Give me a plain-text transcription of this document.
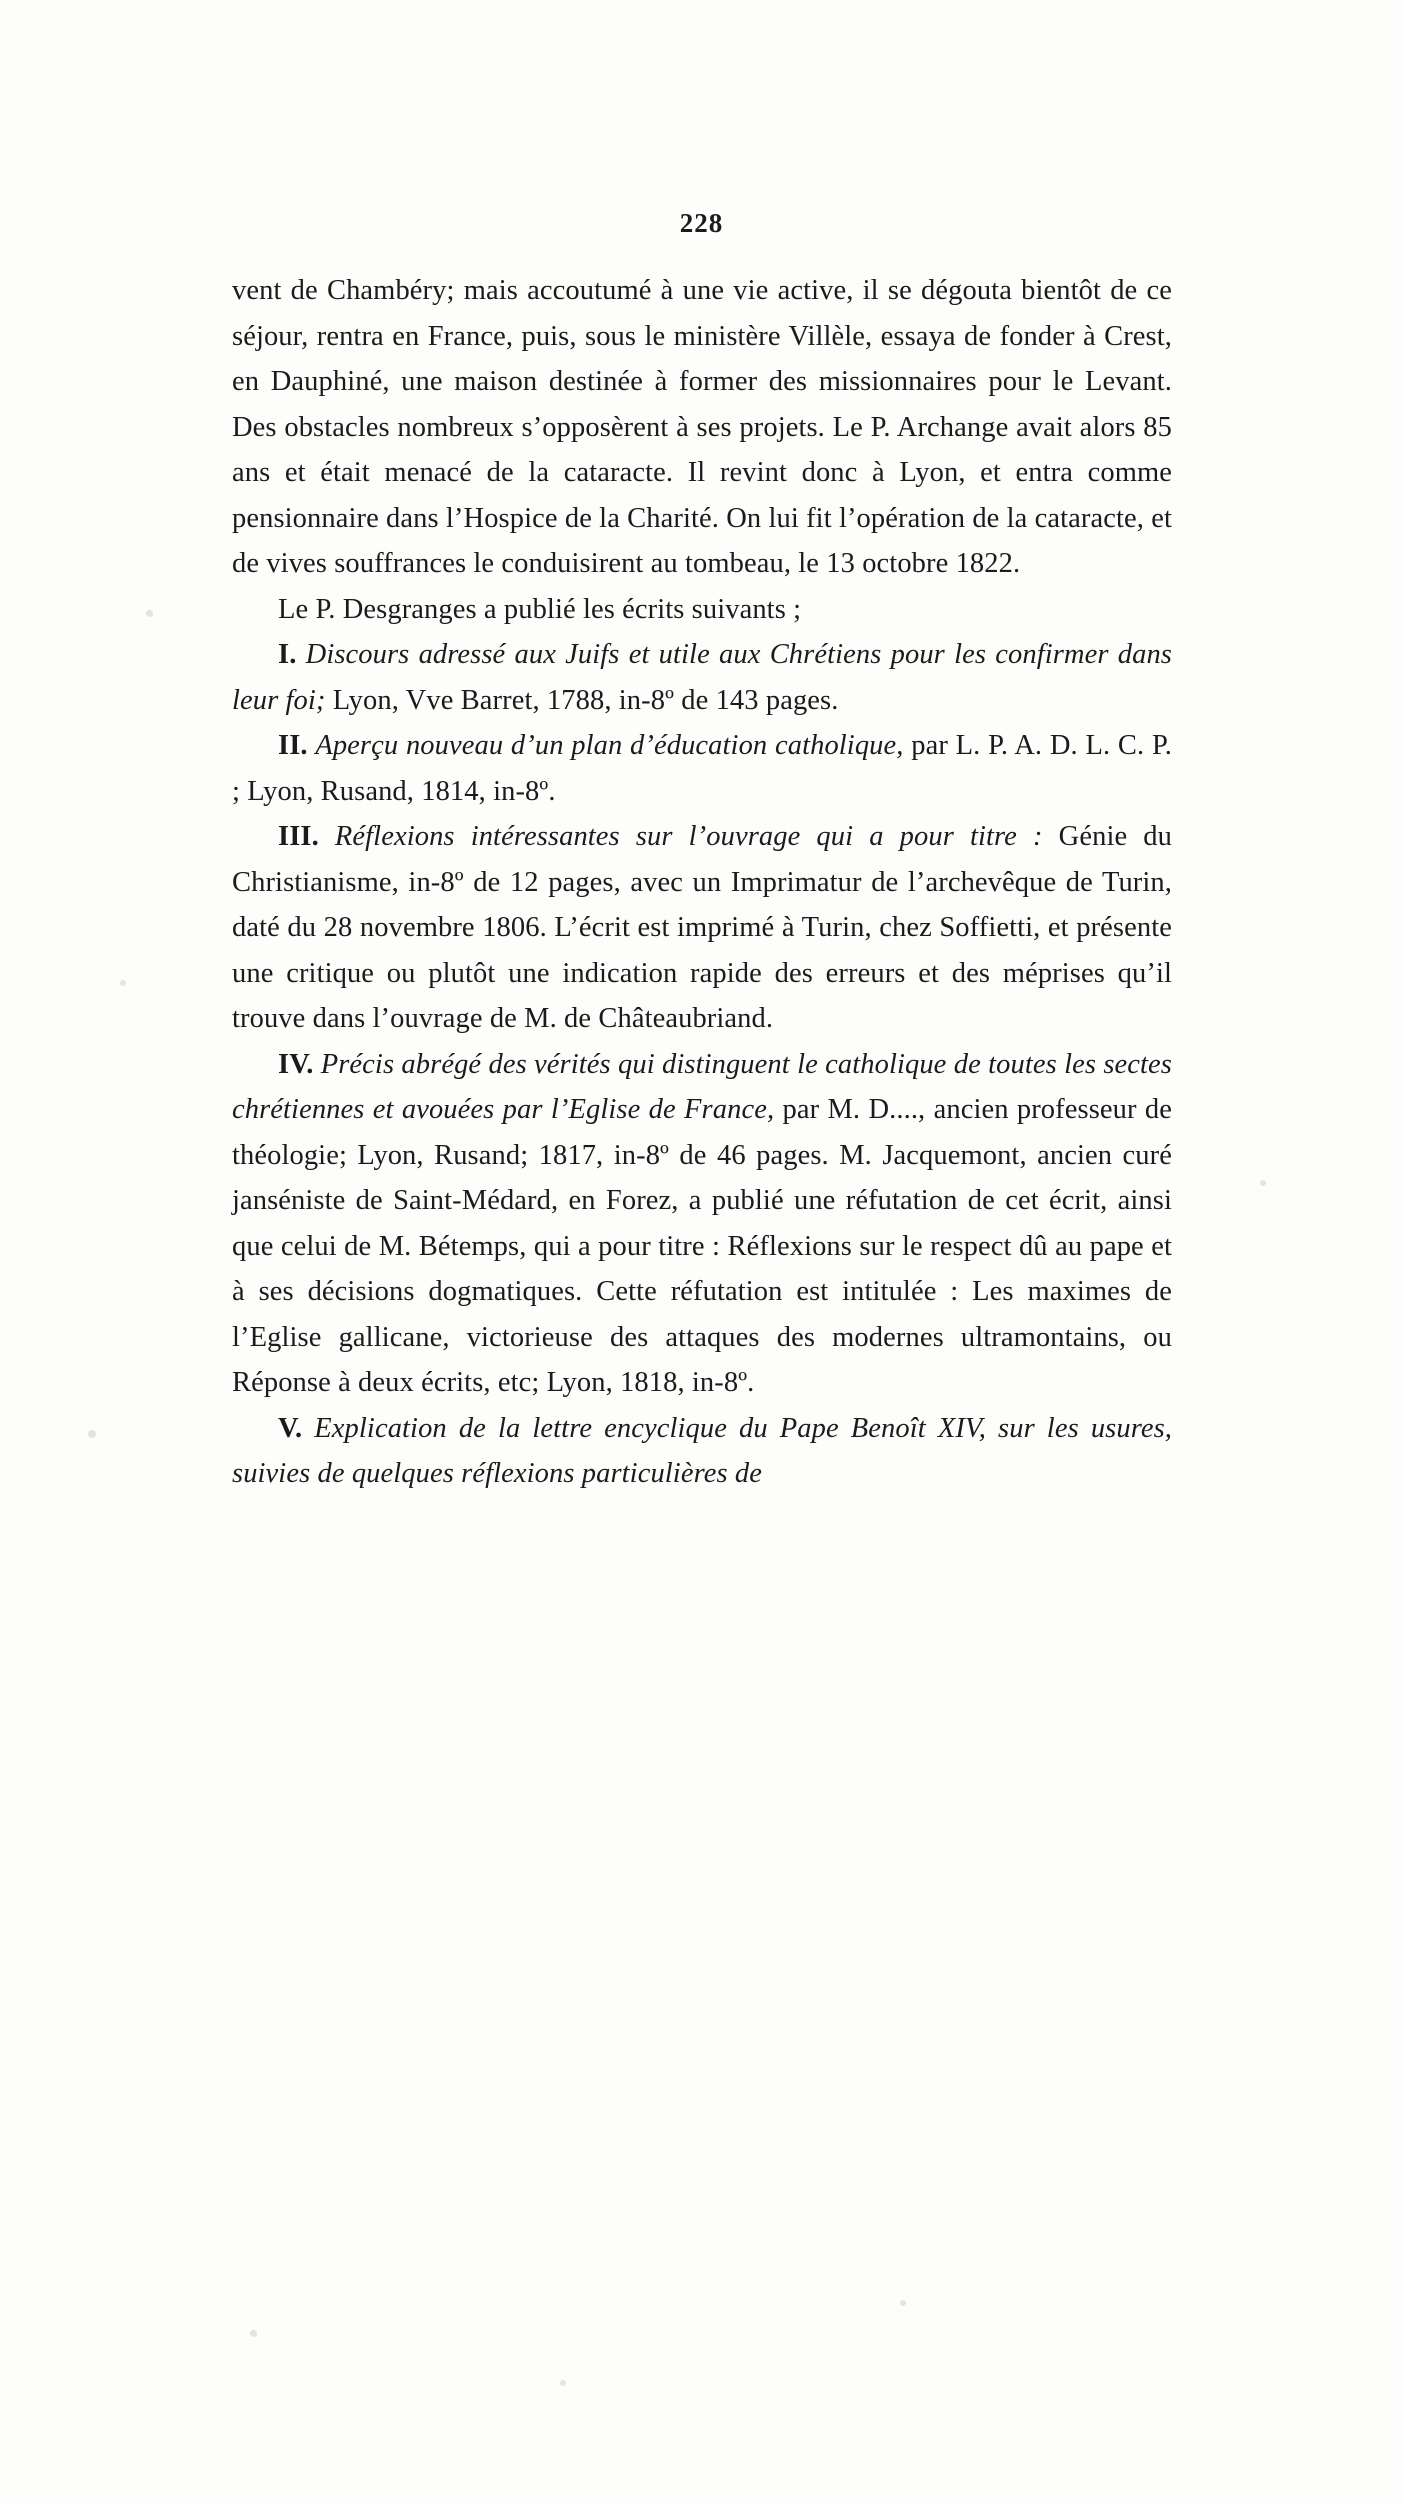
228

vent de Chambéry; mais accoutumé à une vie active, il se dégouta bientôt de ce séjour, rentra en France, puis, sous le ministère Villèle, essaya de fonder à Crest, en Dauphiné, une maison destinée à former des missionnaires pour le Levant. Des obstacles nombreux s’opposèrent à ses projets. Le P. Archange avait alors 85 ans et était menacé de la cataracte. Il revint donc à Lyon, et entra comme pensionnaire dans l’Hospice de la Charité. On lui fit l’opération de la cataracte, et de vives souffrances le conduisirent au tombeau, le 13 octobre 1822.

Le P. Desgranges a publié les écrits suivants ;

I. Discours adressé aux Juifs et utile aux Chrétiens pour les confirmer dans leur foi; Lyon, Vve Barret, 1788, in-8º de 143 pages.

II. Aperçu nouveau d’un plan d’éducation catholique, par L. P. A. D. L. C. P. ; Lyon, Rusand, 1814, in-8º.

III. Réflexions intéressantes sur l’ouvrage qui a pour titre : Génie du Christianisme, in-8º de 12 pages, avec un Imprimatur de l’archevêque de Turin, daté du 28 novembre 1806. L’écrit est imprimé à Turin, chez Soffietti, et présente une critique ou plutôt une indication rapide des erreurs et des méprises qu’il trouve dans l’ouvrage de M. de Châteaubriand.

IV. Précis abrégé des vérités qui distinguent le catholique de toutes les sectes chrétiennes et avouées par l’Eglise de France, par M. D...., ancien professeur de théologie; Lyon, Rusand; 1817, in-8º de 46 pages. M. Jacquemont, ancien curé janséniste de Saint-Médard, en Forez, a publié une réfutation de cet écrit, ainsi que celui de M. Bétemps, qui a pour titre : Réflexions sur le respect dû au pape et à ses décisions dogmatiques. Cette réfutation est intitulée : Les maximes de l’Eglise gallicane, victorieuse des attaques des modernes ultramontains, ou Réponse à deux écrits, etc; Lyon, 1818, in-8º.

V. Explication de la lettre encyclique du Pape Benoît XIV, sur les usures, suivies de quelques réflexions particulières de
